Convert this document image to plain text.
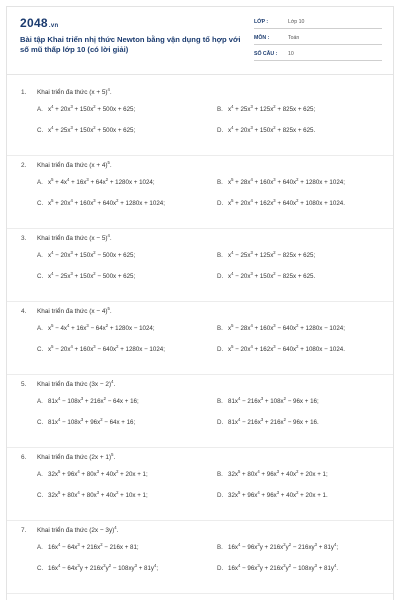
2048.vn
Bài tập Khai triển nhị thức Newton bằng vận dụng tổ hợp với số mũ thấp lớp 10 (có lời giải)
LỚP :	Lớp 10
MÔN :	Toán
SỐ CÂU : 10
1. Khai triển đa thức $(x + 5)^4$.
A. $x^4 + 20x^3 + 150x^2 + 500x + 625$;	B. $x^4 + 25x^3 + 125x^2 + 825x + 625$;
C. $x^4 + 25x^3 + 150x^2 + 500x + 625$;	D. $x^4 + 20x^3 + 150x^2 + 825x + 625$.
2. Khai triển đa thức $(x + 4)^5$.
A. $x^5 + 4x^4 + 16x^3 + 64x^2 + 1280x + 1024$;	B. $x^5 + 28x^4 + 160x^3 + 640x^2 + 1280x + 1024$;
C. $x^5 + 20x^4 + 160x^3 + 640x^2 + 1280x + 1024$;	D. $x^5 + 20x^4 + 162x^3 + 640x^2 + 1080x + 1024$.
3. Khai triển đa thức $(x - 5)^4$.
A. $x^4 - 20x^3 + 150x^2 - 500x + 625$;	B. $x^4 - 25x^3 + 125x^2 - 825x + 625$;
C. $x^4 - 25x^3 + 150x^2 - 500x + 625$;	D. $x^4 - 20x^3 + 150x^2 - 825x + 625$.
4. Khai triển đa thức $(x - 4)^5$.
A. $x^5 - 4x^4 + 16x^3 - 64x^2 + 1280x - 1024$;	B. $x^5 - 28x^4 + 160x^3 - 640x^2 + 1280x - 1024$;
C. $x^5 - 20x^4 + 160x^3 - 640x^2 + 1280x - 1024$;	D. $x^5 - 20x^4 + 162x^3 - 640x^2 + 1080x - 1024$.
5. Khai triển đa thức $(3x - 2)^4$.
A. $81x^4 - 108x^3 + 216x^2 - 64x + 16$;	B. $81x^4 - 216x^3 + 108x^2 - 96x + 16$;
C. $81x^4 - 108x^3 + 96x^2 - 64x + 16$;	D. $81x^4 - 216x^3 + 216x^2 - 96x + 16$.
6. Khai triển đa thức $(2x + 1)^5$.
A. $32x^5 + 96x^4 + 80x^3 + 40x^2 + 20x + 1$;	B. $32x^5 + 80x^4 + 96x^3 + 40x^2 + 20x + 1$;
C. $32x^5 + 80x^4 + 80x^3 + 40x^2 + 10x + 1$;	D. $32x^5 + 96x^4 + 96x^3 + 40x^2 + 20x + 1$.
7. Khai triển đa thức $(2x - 3y)^4$.
A. $16x^4 - 64x^3 + 216x^2 - 216x + 81$;	B. $16x^4 - 96x^3y + 216x^2y^2 - 216xy^3 + 81y^4$;
C. $16x^4 - 64x^3y + 216x^2y^2 - 108xy^3 + 81y^4$;	D. $16x^4 - 96x^3y + 216x^2y^2 - 108xy^3 + 81y^4$.
